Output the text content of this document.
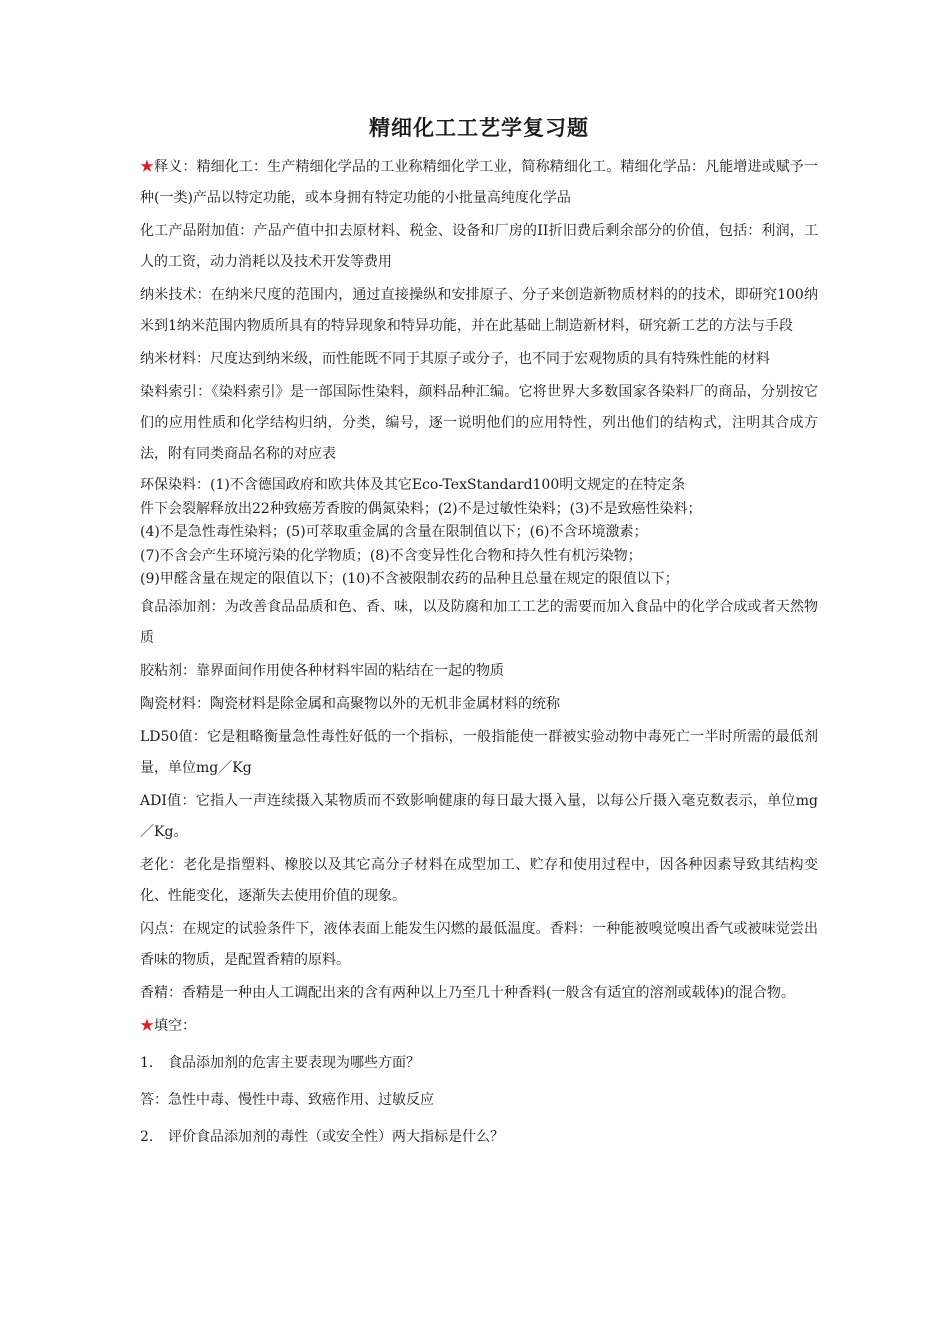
精细化工工艺学复习题

★释义：精细化工：生产精细化学品的工业称精细化学工业，简称精细化工。精细化学品：凡能增进或赋予一种(一类)产品以特定功能，或本身拥有特定功能的小批量高纯度化学品

化工产品附加值：产品产值中扣去原材料、税金、设备和厂房的ⅠⅠ折旧费后剩余部分的价值，包括：利润，工人的工资，动力消耗以及技术开发等费用

纳米技术：在纳米尺度的范围内，通过直接操纵和安排原子、分子来创造新物质材料的的技术，即研究100纳米到1纳米范围内物质所具有的特异现象和特异功能，并在此基础上制造新材料，研究新工艺的方法与手段

纳米材料：尺度达到纳米级，而性能既不同于其原子或分子，也不同于宏观物质的具有特殊性能的材料

染料索引：《染料索引》是一部国际性染料，颜料品种汇编。它将世界大多数国家各染料厂的商品，分别按它们的应用性质和化学结构归纳，分类，编号，逐一说明他们的应用特性，列出他们的结构式，注明其合成方法，附有同类商品名称的对应表

环保染料：(1)不含德国政府和欧共体及其它Eco-TexStandard100明文规定的在特定条

件下会裂解释放出22种致癌芳香胺的偶氮染料；(2)不是过敏性染料；(3)不是致癌性染料；

(4)不是急性毒性染料；(5)可萃取重金属的含量在限制值以下；(6)不含环境激素；

(7)不含会产生环境污染的化学物质；(8)不含变异性化合物和持久性有机污染物；

(9)甲醛含量在规定的限值以下；(10)不含被限制农药的品种且总量在规定的限值以下；

食品添加剂：为改善食品品质和色、香、味，以及防腐和加工工艺的需要而加入食品中的化学合成或者天然物质

胶粘剂：靠界面间作用使各种材料牢固的粘结在一起的物质

陶瓷材料：陶瓷材料是除金属和高聚物以外的无机非金属材料的统称

LD50值：它是粗略衡量急性毒性好低的一个指标，一般指能使一群被实验动物中毒死亡一半时所需的最低剂量，单位mg／Kg

ADI值：它指人一声连续摄入某物质而不致影响健康的每日最大摄入量，以每公斤摄入毫克数表示，单位mg／Kg。

老化：老化是指塑料、橡胶以及其它高分子材料在成型加工、贮存和使用过程中，因各种因素导致其结构变化、性能变化，逐渐失去使用价值的现象。

闪点：在规定的试验条件下，液体表面上能发生闪燃的最低温度。香料：一种能被嗅觉嗅出香气或被味觉尝出香味的物质，是配置香精的原料。

香精：香精是一种由人工调配出来的含有两种以上乃至几十种香料(一般含有适宜的溶剂或载体)的混合物。

★填空：

1. 食品添加剂的危害主要表现为哪些方面？

答：急性中毒、慢性中毒、致癌作用、过敏反应

2. 评价食品添加剂的毒性（或安全性）两大指标是什么？
